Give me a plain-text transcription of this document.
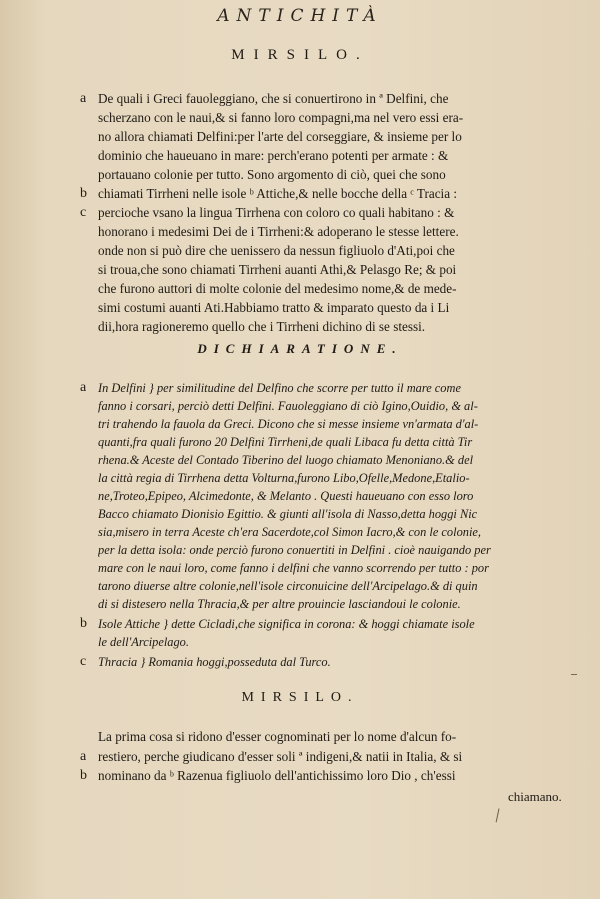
ANTICHITÀ
MIRSILO.
a De quali i Greci fauoleggiano, che si conuertirono in ª Delfini, che
scherzano con le naui,& si fanno loro compagni,ma nel vero essi era-
no allora chiamati Delfini:per l'arte del corseggiare, & insieme per lo
dominio che haueuano in mare: perch'erano potenti per armate : &
portauano colonie per tutto. Sono argomento di ciò, quei che sono
b chiamati Tirrheni nelle isole ᵇ Attiche,& nelle bocche della ᶜ Tracia :
c percioche vsano la lingua Tirrhena con coloro co quali habitano : &
honorano i medesimi Dei de i Tirrheni:& adoperano le stesse lettere.
onde non si può dire che uenissero da nessun figliuolo d'Ati,poi che
si troua,che sono chiamati Tirrheni auanti Athi,& Pelasgo Re; & poi
che furono auttori di molte colonie del medesimo nome,& de mede-
simi costumi auanti Ati.Habbiamo tratto & imparato questo da i Li
dii,hora ragioneremo quello che i Tirrheni dichino di se stessi.
DICHIARATIONE.
a In Delfini } per similitudine del Delfino che scorre per tutto il mare come
fanno i corsari, perciò detti Delfini. Fauoleggiano di ciò Igino,Ouidio, & al-
tri trahendo la fauola da Greci. Dicono che si messe insieme vn'armata d'al-
quanti,fra quali furono 20 Delfini Tirrheni,de quali Libaca fu detta città Tir
rhena.& Aceste del Contado Tiberino del luogo chiamato Menoniano.& del
la città regia di Tirrhena detta Volturna,furono Libo,Ofelle,Medone,Etalio-
ne,Troteo,Epipeo, Alcimedonte, & Melanto . Questi haueuano con esso loro
Bacco chiamato Dionisio Egittio. & giunti all'isola di Nasso,detta hoggi Nic
sia,misero in terra Aceste ch'era Sacerdote,col Simon Iacro,& con le colonie,
per la detta isola: onde perciò furono conuertiti in Delfini . cioè nauigando per
mare con le naui loro, come fanno i delfini che vanno scorrendo per tutto : por
tarono diuerse altre colonie,nell'isole circonuicine dell'Arcipelago.& di quin
di si distesero nella Thracia,& per altre prouincie lasciandoui le colonie.
b Isole Attiche } dette Cicladi,che significa in corona: & hoggi chiamate isole
le dell'Arcipelago.
c Thracia } Romania hoggi,posseduta dal Turco.
MIRSILO.
La prima cosa si ridono d'esser cognominati per lo nome d'alcun fo-
a restiero, perche giudicano d'esser soli ª indigeni,& natii in Italia, & si
b nominano da ᵇ Razenua figliuolo dell'antichissimo loro Dio , ch'essi
chiamano.
